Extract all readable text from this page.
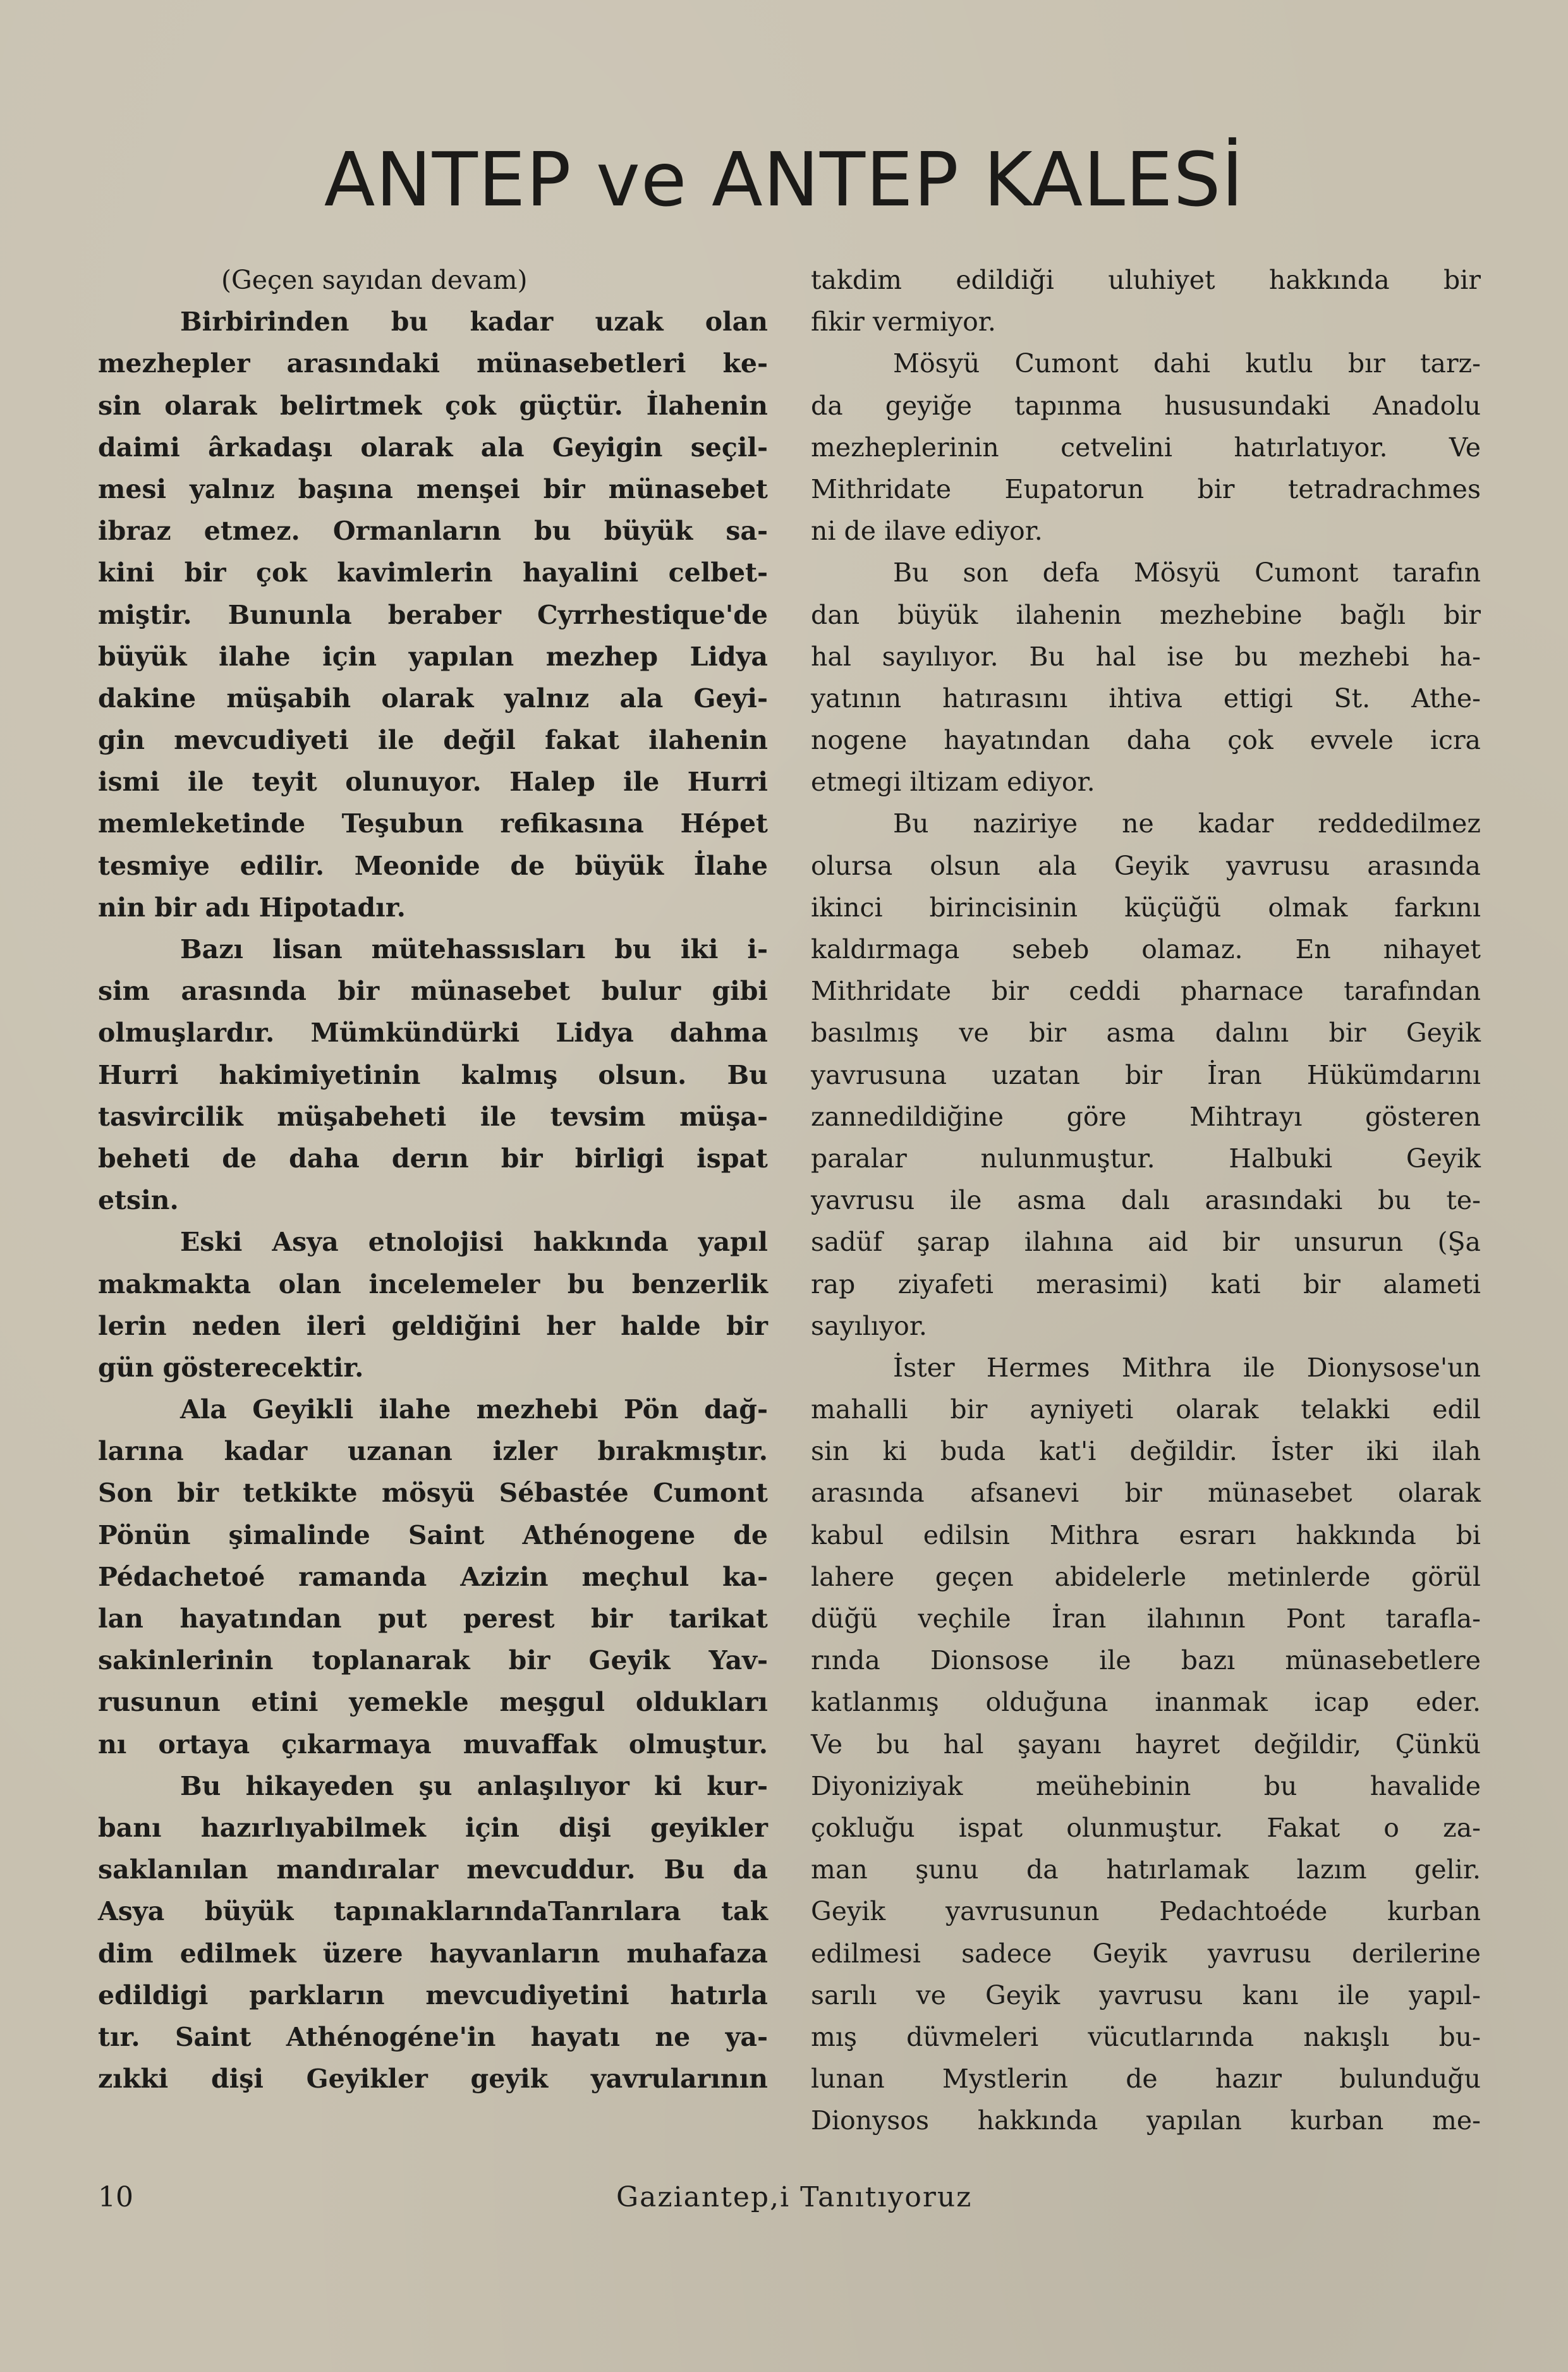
ANTEP ve ANTEP KALESİ
(Geçen sayıdan devam)
Birbirinden bu kadar uzak olan
mezhepler arasındaki münasebetleri ke-
sin olarak belirtmek çok güçtür. İlahenin
daimi ârkadaşı olarak ala Geyigin seçil-
mesi yalnız başına menşei bir münasebet
ibraz etmez. Ormanların bu büyük sa-
kini bir çok kavimlerin hayalini celbet-
miştir. Bununla beraber Cyrrhestique'de
büyük ilahe için yapılan mezhep Lidya
dakine müşabih olarak yalnız ala Geyi-
gin mevcudiyeti ile değil fakat ilahenin
ismi ile teyit olunuyor. Halep ile Hurri
memleketinde Teşubun refikasına Hépet
tesmiye edilir. Meonide de büyük İlahe
nin bir adı Hipotadır.
Bazı lisan mütehassısları bu iki i-
sim arasında bir münasebet bulur gibi
olmuşlardır. Mümkündürki Lidya dahma
Hurri hakimiyetinin kalmış olsun. Bu
tasvircilik müşabeheti ile tevsim müşa-
beheti de daha derın bir birligi ispat
etsin.
Eski Asya etnolojisi hakkında yapıl
makmakta olan incelemeler bu benzerlik
lerin neden ileri geldiğini her halde bir
gün gösterecektir.
Ala Geyikli ilahe mezhebi Pön dağ-
larına kadar uzanan izler bırakmıştır.
Son bir tetkikte mösyü Sébastée Cumont
Pönün şimalinde Saint Athénogene de
Pédachetoé ramanda Azizin meçhul ka-
lan hayatından put perest bir tarikat
sakinlerinin toplanarak bir Geyik Yav-
rusunun etini yemekle meşgul oldukları
nı ortaya çıkarmaya muvaffak olmuştur.
Bu hikayeden şu anlaşılıyor ki kur-
banı hazırlıyabilmek için dişi geyikler
saklanılan mandıralar mevcuddur. Bu da
Asya büyük tapınaklarındaTanrılara tak
dim edilmek üzere hayvanların muhafaza
edildigi parkların mevcudiyetini hatırla
tır. Saint Athénogéne'in hayatı ne ya-
zıkki dişi Geyikler geyik yavrularının
takdim edildiği uluhiyet hakkında bir
fikir vermiyor.
Mösyü Cumont dahi kutlu bır tarz-
da geyiğe tapınma hususundaki Anadolu
mezheplerinin cetvelini hatırlatıyor. Ve
Mithridate Eupatorun bir tetradrachmes
ni de ilave ediyor.
Bu son defa Mösyü Cumont tarafın
dan büyük ilahenin mezhebine bağlı bir
hal sayılıyor. Bu hal ise bu mezhebi ha-
yatının hatırasını ihtiva ettigi St. Athe-
nogene hayatından daha çok evvele icra
etmegi iltizam ediyor.
Bu naziriye ne kadar reddedilmez
olursa olsun ala Geyik yavrusu arasında
ikinci birincisinin küçüğü olmak farkını
kaldırmaga sebeb olamaz. En nihayet
Mithridate bir ceddi pharnace tarafından
basılmış ve bir asma dalını bir Geyik
yavrusuna uzatan bir İran Hükümdarını
zannedildiğine göre Mihtrayı gösteren
paralar nulunmuştur. Halbuki Geyik
yavrusu ile asma dalı arasındaki bu te-
sadüf şarap ilahına aid bir unsurun (Şa
rap ziyafeti merasimi) kati bir alameti
sayılıyor.
İster Hermes Mithra ile Dionysose'un
mahalli bir ayniyeti olarak telakki edil
sin ki buda kat'i değildir. İster iki ilah
arasında afsanevi bir münasebet olarak
kabul edilsin Mithra esrarı hakkında bi
lahere geçen abidelerle metinlerde görül
düğü veçhile İran ilahının Pont tarafla-
rında Dionsose ile bazı münasebetlere
katlanmış olduğuna inanmak icap eder.
Ve bu hal şayanı hayret değildir, Çünkü
Diyoniziyak meühebinin bu havalide
çokluğu ispat olunmuştur. Fakat o za-
man şunu da hatırlamak lazım gelir.
Geyik yavrusunun Pedachtoéde kurban
edilmesi sadece Geyik yavrusu derilerine
sarılı ve Geyik yavrusu kanı ile yapıl-
mış düvmeleri vücutlarında nakışlı bu-
lunan Mystlerin de hazır bulunduğu
Dionysos hakkında yapılan kurban me-
10	Gaziantep,i Tanıtıyoruz
